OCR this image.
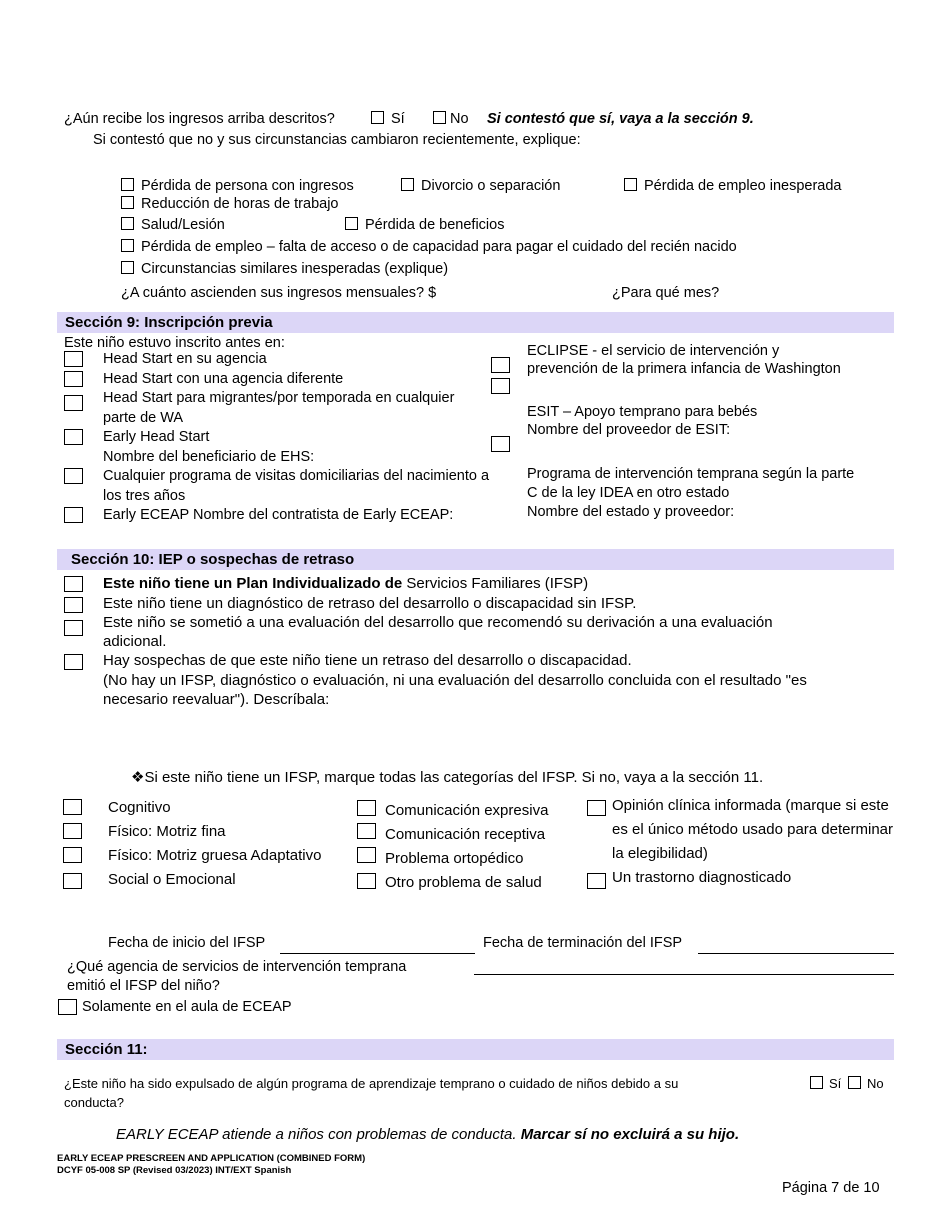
¿Aún recibe los ingresos arriba descritos?	Sí	No Si contestó que sí, vaya a la sección 9.
Si contestó que no y sus circunstancias cambiaron recientemente, explique:
Pérdida de persona con ingresos	Divorcio o separación	Pérdida de empleo inesperada
Reducción de horas de trabajo
Salud/Lesión	Pérdida de beneficios
Pérdida de empleo – falta de acceso o de capacidad para pagar el cuidado del recién nacido
Circunstancias similares inesperadas (explique)
¿A cuánto ascienden sus ingresos mensuales? $	¿Para qué mes?
Sección 9: Inscripción previa
Este niño estuvo inscrito antes en:
Head Start en su agencia
Head Start con una agencia diferente
Head Start para migrantes/por temporada en cualquier
parte de WA
Early Head Start
Nombre del beneficiario de EHS:
Cualquier programa de visitas domiciliarias del nacimiento a
los tres años
Early ECEAP Nombre del contratista de Early ECEAP:
ECLIPSE - el servicio de intervención y
prevención de la primera infancia de Washington
ESIT – Apoyo temprano para bebés
Nombre del proveedor de ESIT:
Programa de intervención temprana según la parte
C de la ley IDEA en otro estado
Nombre del estado y proveedor:
Sección 10: IEP o sospechas de retraso
Este niño tiene un Plan Individualizado de Servicios Familiares (IFSP)
Este niño tiene un diagnóstico de retraso del desarrollo o discapacidad sin IFSP.
Este niño se sometió a una evaluación del desarrollo que recomendó su derivación a una evaluación
adicional.
Hay sospechas de que este niño tiene un retraso del desarrollo o discapacidad.
(No hay un IFSP, diagnóstico o evaluación, ni una evaluación del desarrollo concluida con el resultado "es
necesario reevaluar"). Descríbala:
❖Si este niño tiene un IFSP, marque todas las categorías del IFSP. Si no, vaya a la sección 11.
Cognitivo
Físico: Motriz fina
Físico: Motriz gruesa Adaptativo
Social o Emocional
Comunicación expresiva
Comunicación receptiva
Problema ortopédico
Otro problema de salud
Opinión clínica informada (marque si este
es el único método usado para determinar
la elegibilidad)
Un trastorno diagnosticado
Fecha de inicio del IFSP	Fecha de terminación del IFSP
¿Qué agencia de servicios de intervención temprana
emitió el IFSP del niño?
Solamente en el aula de ECEAP
Sección 11:
¿Este niño ha sido expulsado de algún programa de aprendizaje temprano o cuidado de niños debido a su
conducta?
Sí No
EARLY ECEAP atiende a niños con problemas de conducta. Marcar sí no excluirá a su hijo.
EARLY ECEAP PRESCREEN AND APPLICATION (COMBINED FORM)
DCYF 05-008 SP (Revised 03/2023) INT/EXT Spanish
Página 7 de 10
